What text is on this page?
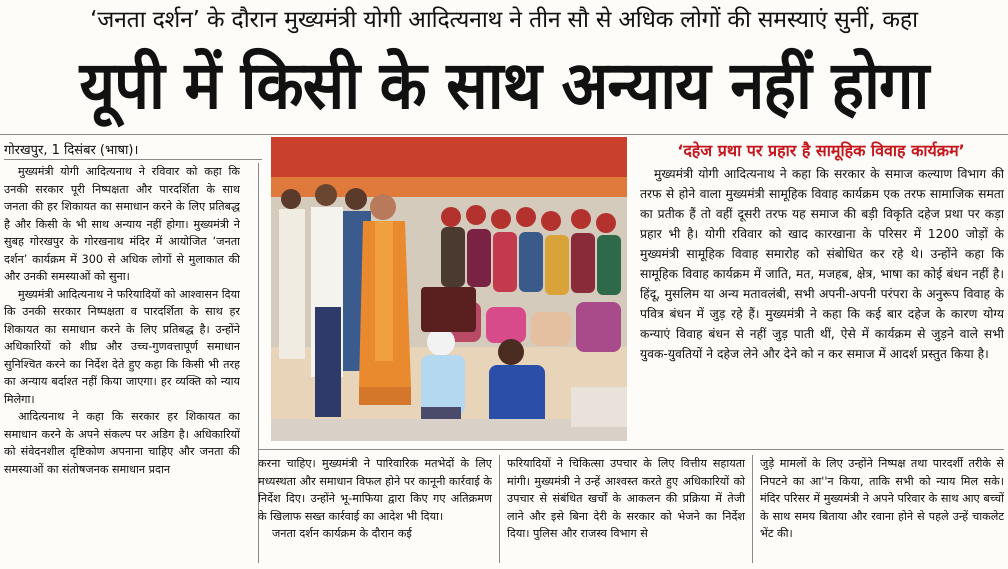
‘जनता दर्शन’ के दौरान मुख्यमंत्री योगी आदित्यनाथ ने तीन सौ से अधिक लोगों की समस्याएं सुनीं, कहा
यूपी में किसी के साथ अन्याय नहीं होगा
गोरखपुर, 1 दिसंबर (भाषा)।

मुख्यमंत्री योगी आदित्यनाथ ने रविवार को कहा कि उनकी सरकार पूरी निष्पक्षता और पारदर्शिता के साथ जनता की हर शिकायत का समाधान करने के लिए प्रतिबद्ध है और किसी के भी साथ अन्याय नहीं होगा। मुख्यमंत्री ने सुबह गोरखपुर के गोरखनाथ मंदिर में आयोजित ‘जनता दर्शन’ कार्यक्रम में 300 से अधिक लोगों से मुलाकात की और उनकी समस्याओं को सुना।

मुख्यमंत्री आदित्यनाथ ने फरियादियों को आश्वासन दिया कि उनकी सरकार निष्पक्षता व पारदर्शिता के साथ हर शिकायत का समाधान करने के लिए प्रतिबद्ध है। उन्होंने अधिकारियों को शीघ्र और उच्च-गुणवत्तापूर्ण समाधान सुनिश्चित करने का निर्देश देते हुए कहा कि किसी भी तरह का अन्याय बर्दाश्त नहीं किया जाएगा। हर व्यक्ति को न्याय मिलेगा।

आदित्यनाथ ने कहा कि सरकार हर शिकायत का समाधान करने के अपने संकल्प पर अडिग है। अधिकारियों को संवेदनशील दृष्टिकोण अपनाना चाहिए और जनता की समस्याओं का संतोषजनक समाधान प्रदान	करना चाहिए। मुख्यमंत्री ने पारिवारिक मतभेदों के लिए मध्यस्थता और समाधान विफल होने पर कानूनी कार्रवाई के निर्देश दिए। उन्होंने भू-माफिया द्वारा किए गए अतिक्रमण के खिलाफ सख्त कार्रवाई का आदेश भी दिया।

जनता दर्शन कार्यक्रम के दौरान कई

फरियादियों ने चिकित्सा उपचार के लिए वित्तीय सहायता मांगी। मुख्यमंत्री ने उन्हें आश्वस्त करते हुए अधिकारियों को उपचार से संबंधित खर्चों के आकलन की प्रक्रिया में तेजी लाने और इसे बिना देरी के सरकार को भेजने का निर्देश दिया। पुलिस और राजस्व विभाग से

जुड़े मामलों के लिए उन्होंने निष्पक्ष तथा पारदर्शी तरीके से निपटने का आ''न किया, ताकि सभी को न्याय मिल सके। मंदिर परिसर में मुख्यमंत्री ने अपने परिवार के साथ आए बच्चों के साथ समय बिताया और रवाना होने से पहले उन्हें चाकलेट भेंट की।

‘दहेज प्रथा पर प्रहार है सामूहिक विवाह कार्यक्रम’

मुख्यमंत्री योगी आदित्यनाथ ने कहा कि सरकार के समाज कल्याण विभाग की तरफ से होने वाला मुख्यमंत्री सामूहिक विवाह कार्यक्रम एक तरफ सामाजिक समता का प्रतीक हैं तो वहीं दूसरी तरफ यह समाज की बड़ी विकृति दहेज प्रथा पर कड़ा प्रहार भी है। योगी रविवार को खाद कारखाना के परिसर में 1200 जोड़ों के मुख्यमंत्री सामूहिक विवाह समारोह को संबोधित कर रहे थे। उन्होंने कहा कि सामूहिक विवाह कार्यक्रम में जाति, मत, मजहब, क्षेत्र, भाषा का कोई बंधन नहीं है। हिंदू, मुसलिम या अन्य मतावलंबी, सभी अपनी-अपनी परंपरा के अनुरूप विवाह के पवित्र बंधन में जुड़ रहे हैं। मुख्यमंत्री ने कहा कि कई बार दहेज के कारण योग्य कन्याएं विवाह बंधन से नहीं जुड़ पाती थीं, ऐसे में कार्यक्रम से जुड़ने वाले सभी युवक-युवतियों ने दहेज लेने और देने को न कर समाज में आदर्श प्रस्तुत किया है।
